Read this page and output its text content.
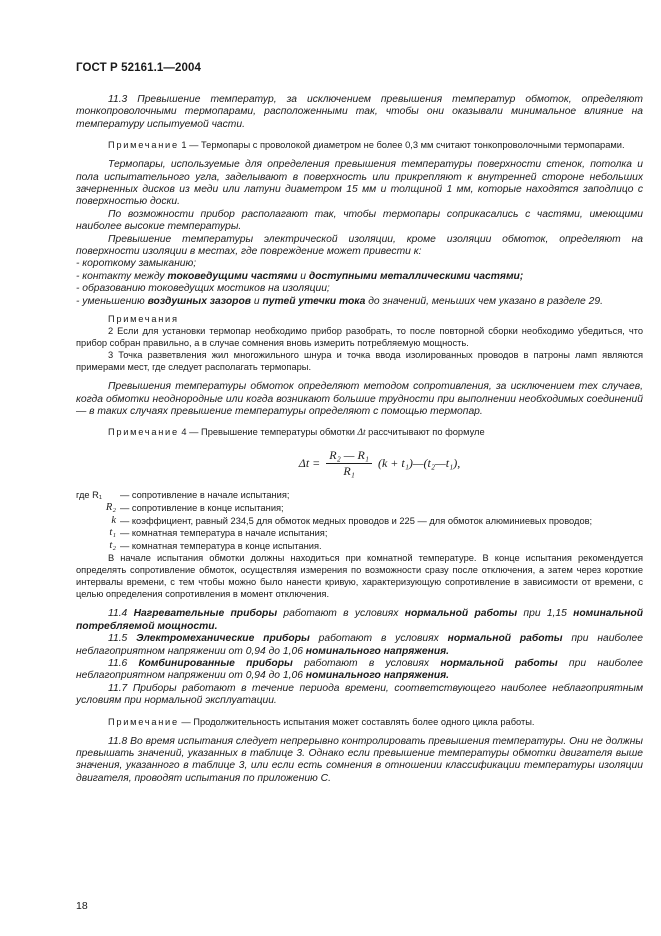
ГОСТ Р 52161.1—2004

11.3 Превышение температур, за исключением превышения температур обмоток, определяют тонкопроволочными термопарами, расположенными так, чтобы они оказывали минимальное влияние на температуру испытуемой части.

Примечание 1 — Термопары с проволокой диаметром не более 0,3 мм считают тонкопроволочными термопарами.

Термопары, используемые для определения превышения температуры поверхности стенок, потолка и пола испытательного угла, заделывают в поверхность или прикрепляют к внутренней стороне небольших зачерненных дисков из меди или латуни диаметром 15 мм и толщиной 1 мм, которые находятся заподлицо с поверхностью доски.

По возможности прибор располагают так, чтобы термопары соприкасались с частями, имеющими наиболее высокие температуры.

Превышение температуры электрической изоляции, кроме изоляции обмоток, определяют на поверхности изоляции в местах, где повреждение может привести к:

- короткому замыканию;

- контакту между токоведущими частями и доступными металлическими частями;

- образованию токоведущих мостиков на изоляции;

- уменьшению воздушных зазоров и путей утечки тока до значений, меньших чем указано в разделе 29.

Примечания

2 Если для установки термопар необходимо прибор разобрать, то после повторной сборки необходимо убедиться, что прибор собран правильно, а в случае сомнения вновь измерить потребляемую мощность.

3 Точка разветвления жил многожильного шнура и точка ввода изолированных проводов в патроны ламп являются примерами мест, где следует располагать термопары.

Превышения температуры обмоток определяют методом сопротивления, за исключением тех случаев, когда обмотки неоднородные или когда возникают большие трудности при выполнении необходимых соединений — в таких случаях превышение температуры определяют с помощью термопар.

Примечание 4 — Превышение температуры обмотки Δt рассчитывают по формуле

$\Delta t = \frac{\text{R₂ — R₁}}{\text{R₁}} (k$ + t₁)—(t₂—t₁),
где R₁	— сопротивление в начале испытания;
R₂ — сопротивление в конце испытания;
k — коэффициент, равный 234,5 для обмоток медных проводов и 225 — для обмоток алюминиевых проводов;
t₁ — комнатная температура в начале испытания;
t₂ — комнатная температура в конце испытания.

В начале испытания обмотки должны находиться при комнатной температуре. В конце испытания рекомендуется определять сопротивление обмоток, осуществляя измерения по возможности сразу после отключения, а затем через короткие интервалы времени, с тем чтобы можно было нанести кривую, характеризующую сопротивление в зависимости от времени, с целью определения сопротивления в момент отключения.

11.4 Нагревательные приборы работают в условиях нормальной работы при 1,15 номинальной потребляемой мощности.

11.5 Электромеханические приборы работают в условиях нормальной работы при наиболее неблагоприятном напряжении от 0,94 до 1,06 номинального напряжения.

11.6 Комбинированные приборы работают в условиях нормальной работы при наиболее неблагоприятном напряжении от 0,94 до 1,06 номинального напряжения.

11.7 Приборы работают в течение периода времени, соответствующего наиболее неблагоприятным условиям при нормальной эксплуатации.

Примечание — Продолжительность испытания может составлять более одного цикла работы.

11.8 Во время испытания следует непрерывно контролировать превышения температуры. Они не должны превышать значений, указанных в таблице 3. Однако если превышение температуры обмотки двигателя выше значения, указанного в таблице 3, или если есть сомнения в отношении классификации температуры изоляции двигателя, проводят испытания по приложению С.

18
